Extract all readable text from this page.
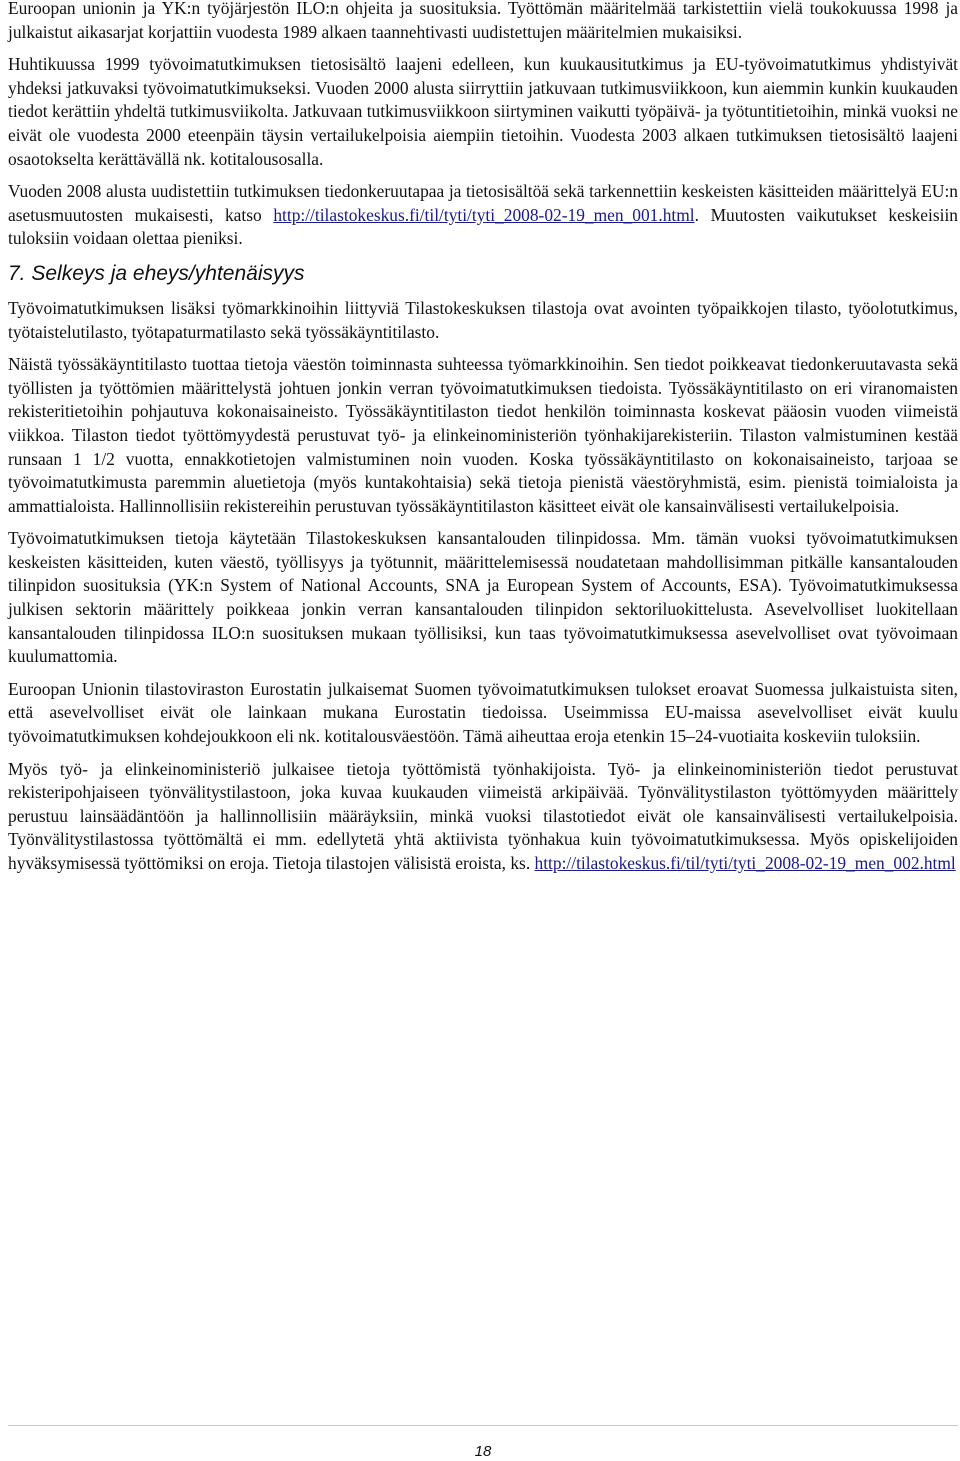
Euroopan unionin ja YK:n työjärjestön ILO:n ohjeita ja suosituksia. Työttömän määritelmää tarkistettiin vielä toukokuussa 1998 ja julkaistut aikasarjat korjattiin vuodesta 1989 alkaen taannehtivasti uudistettujen määritelmien mukaisiksi.

Huhtikuussa 1999 työvoimatutkimuksen tietosisältö laajeni edelleen, kun kuukausitutkimus ja EU-työvoimatutkimus yhdistyivät yhdeksi jatkuvaksi työvoimatutkimukseksi. Vuoden 2000 alusta siirryttiin jatkuvaan tutkimusviikkoon, kun aiemmin kunkin kuukauden tiedot kerättiin yhdeltä tutkimusviikolta. Jatkuvaan tutkimusviikkoon siirtyminen vaikutti työpäivä- ja työtuntitietoihin, minkä vuoksi ne eivät ole vuodesta 2000 eteenpäin täysin vertailukelpoisia aiempiin tietoihin. Vuodesta 2003 alkaen tutkimuksen tietosisältö laajeni osaotokselta kerättävällä nk. kotitalousosalla.

Vuoden 2008 alusta uudistettiin tutkimuksen tiedonkeruutapaa ja tietosisältöä sekä tarkennettiin keskeisten käsitteiden määrittelyä EU:n asetusmuutosten mukaisesti, katso http://tilastokeskus.fi/til/tyti/tyti_2008-02-19_men_001.html. Muutosten vaikutukset keskeisiin tuloksiin voidaan olettaa pieniksi.

7. Selkeys ja eheys/yhtenäisyys

Työvoimatutkimuksen lisäksi työmarkkinoihin liittyviä Tilastokeskuksen tilastoja ovat avointen työpaikkojen tilasto, työolotutkimus, työtaistelutilasto, työtapaturmatilasto sekä työssäkäyntitilasto.

Näistä työssäkäyntitilasto tuottaa tietoja väestön toiminnasta suhteessa työmarkkinoihin. Sen tiedot poikkeavat tiedonkeruutavasta sekä työllisten ja työttömien määrittelystä johtuen jonkin verran työvoimatutkimuksen tiedoista. Työssäkäyntitilasto on eri viranomaisten rekisteritietoihin pohjautuva kokonaisaineisto. Työssäkäyntitilaston tiedot henkilön toiminnasta koskevat pääosin vuoden viimeistä viikkoa. Tilaston tiedot työttömyydestä perustuvat työ- ja elinkeinoministeriön työnhakijarekisteriin. Tilaston valmistuminen kestää runsaan 1 1/2 vuotta, ennakkotietojen valmistuminen noin vuoden. Koska työssäkäyntitilasto on kokonaisaineisto, tarjoaa se työvoimatutkimusta paremmin aluetietoja (myös kuntakohtaisia) sekä tietoja pienistä väestöryhmistä, esim. pienistä toimialoista ja ammattialoista. Hallinnollisiin rekistereihin perustuvan työssäkäyntitilaston käsitteet eivät ole kansainvälisesti vertailukelpoisia.

Työvoimatutkimuksen tietoja käytetään Tilastokeskuksen kansantalouden tilinpidossa. Mm. tämän vuoksi työvoimatutkimuksen keskeisten käsitteiden, kuten väestö, työllisyys ja työtunnit, määrittelemisessä noudatetaan mahdollisimman pitkälle kansantalouden tilinpidon suosituksia (YK:n System of National Accounts, SNA ja European System of Accounts, ESA). Työvoimatutkimuksessa julkisen sektorin määrittely poikkeaa jonkin verran kansantalouden tilinpidon sektoriluokittelusta. Asevelvolliset luokitellaan kansantalouden tilinpidossa ILO:n suosituksen mukaan työllisiksi, kun taas työvoimatutkimuksessa asevelvolliset ovat työvoimaan kuulumattomia.

Euroopan Unionin tilastoviraston Eurostatin julkaisemat Suomen työvoimatutkimuksen tulokset eroavat Suomessa julkaistuista siten, että asevelvolliset eivät ole lainkaan mukana Eurostatin tiedoissa. Useimmissa EU-maissa asevelvolliset eivät kuulu työvoimatutkimuksen kohdejoukkoon eli nk. kotitalousväestöön. Tämä aiheuttaa eroja etenkin 15–24-vuotiaita koskeviin tuloksiin.

Myös työ- ja elinkeinoministeriö julkaisee tietoja työttömistä työnhakijoista. Työ- ja elinkeinoministeriön tiedot perustuvat rekisteripohjaiseen työnvälitystilastoon, joka kuvaa kuukauden viimeistä arkipäivää. Työnvälitystilaston työttömyyden määrittely perustuu lainsäädäntöön ja hallinnollisiin määräyksiin, minkä vuoksi tilastotiedot eivät ole kansainvälisesti vertailukelpoisia. Työnvälitystilastossa työttömältä ei mm. edellytetä yhtä aktiivista työnhakua kuin työvoimatutkimuksessa. Myös opiskelijoiden hyväksymisessä työttömiksi on eroja. Tietoja tilastojen välisistä eroista, ks. http://tilastokeskus.fi/til/tyti/tyti_2008-02-19_men_002.html

18
